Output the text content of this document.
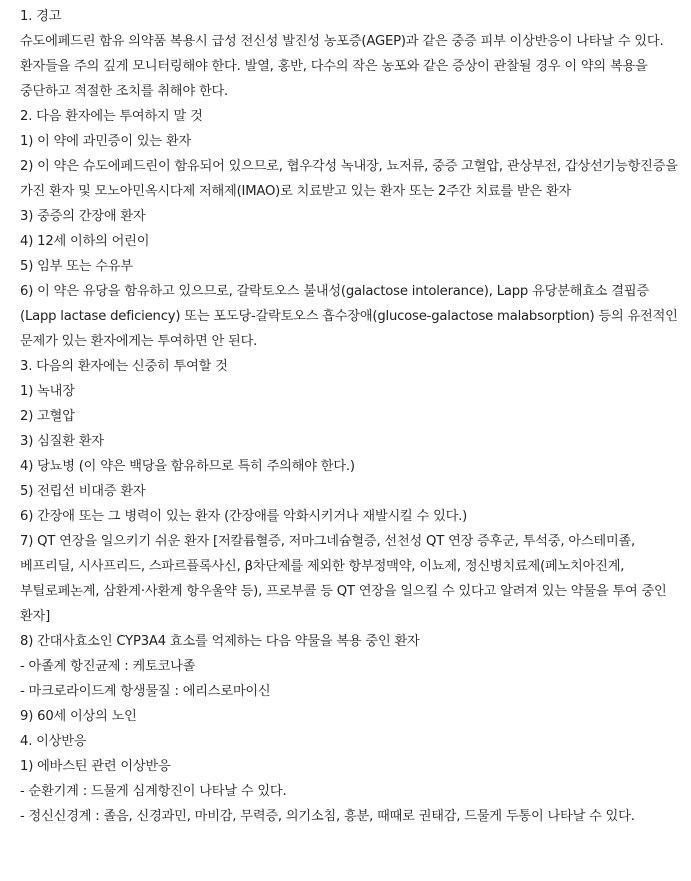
1. 경고
슈도에페드린 함유 의약품 복용시 급성 전신성 발진성 농포증(AGEP)과 같은 중증 피부 이상반응이 나타날 수 있다. 환자들을 주의 깊게 모니터링해야 한다. 발열, 홍반, 다수의 작은 농포와 같은 증상이 관찰될 경우 이 약의 복용을 중단하고 적절한 조치를 취해야 한다.
2. 다음 환자에는 투여하지 말 것
1) 이 약에 과민증이 있는 환자
2) 이 약은 슈도에페드린이 함유되어 있으므로, 협우각성 녹내장, 뇨저류, 중증 고혈압, 관상부전, 갑상선기능항진증을 가진 환자 및 모노아민옥시다제 저해제(IMAO)로 치료받고 있는 환자 또는 2주간 치료를 받은 환자
3) 중증의 간장애 환자
4) 12세 이하의 어린이
5) 임부 또는 수유부
6) 이 약은 유당을 함유하고 있으므로, 갈락토오스 불내성(galactose intolerance), Lapp 유당분해효소 결핍증(Lapp lactase deficiency) 또는 포도당-갈락토오스 흡수장애(glucose-galactose malabsorption) 등의 유전적인 문제가 있는 환자에게는 투여하면 안 된다.
3. 다음의 환자에는 신중히 투여할 것
1) 녹내장
2) 고혈압
3) 심질환 환자
4) 당뇨병 (이 약은 백당을 함유하므로 특히 주의해야 한다.)
5) 전립선 비대증 환자
6) 간장애 또는 그 병력이 있는 환자 (간장애를 악화시키거나 재발시킬 수 있다.)
7) QT 연장을 일으키기 쉬운 환자 [저칼륨혈증, 저마그네슘혈증, 선천성 QT 연장 증후군, 투석중, 아스테미졸, 베프리딜, 시사프리드, 스파르플록사신, β차단제를 제외한 항부정맥약, 이뇨제, 정신병치료제(페노치아진계, 부틸로페논계, 삼환계·사환계 항우울약 등), 프로부콜 등 QT 연장을 일으킬 수 있다고 알려져 있는 약물을 투여 중인 환자]
8) 간대사효소인 CYP3A4 효소를 억제하는 다음 약물을 복용 중인 환자
- 아졸계 항진균제 : 케토코나졸
- 마크로라이드계 항생물질 : 에리스로마이신
9) 60세 이상의 노인
4. 이상반응
1) 에바스틴 관련 이상반응
- 순환기계 : 드물게 심계항진이 나타날 수 있다.
- 정신신경계 : 졸음, 신경과민, 마비감, 무력증, 의기소침, 흥분, 때때로 권태감, 드물게 두통이 나타날 수 있다.
